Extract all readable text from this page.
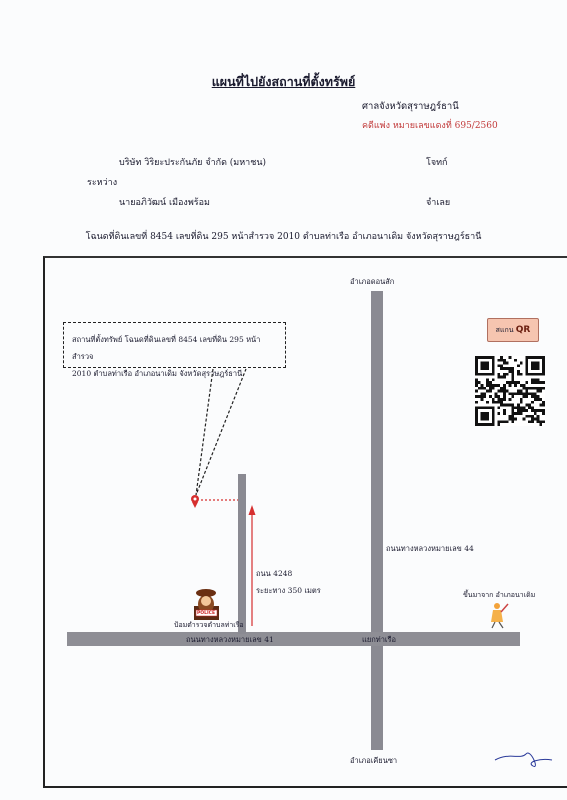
แผนที่ไปยังสถานที่ตั้งทรัพย์
ศาลจังหวัดสุราษฎร์ธานี
คดีแพ่ง หมายเลขแดงที่ 695/2560
บริษัท วิริยะประกันภัย จำกัด (มหาชน)	โจทก์
ระหว่าง
นายอภิวัฒน์ เมืองพร้อม	จำเลย
โฉนดที่ดินเลขที่ 8454 เลขที่ดิน 295 หน้าสำรวจ 2010 ตำบลท่าเรือ อำเภอนาเดิม จังหวัดสุราษฎร์ธานี
สถานที่ตั้งทรัพย์ โฉนดที่ดินเลขที่ 8454 เลขที่ดิน 295 หน้าสำรวจ
2010 ตำบลท่าเรือ อำเภอนาเดิม จังหวัดสุราษฎร์ธานี
อำเภอดอนสัก
อำเภอเคียนซา
ถนนทางหลวงหมายเลข 44
ถนนทางหลวงหมายเลข 41	แยกท่าเรือ
ถนน 4248
ระยะทาง 350 เมตร
ป้อมตำรวจตำบลท่าเรือ
POLICE
ขึ้นมาจาก อำเภอนาเดิม
สแกน QR
